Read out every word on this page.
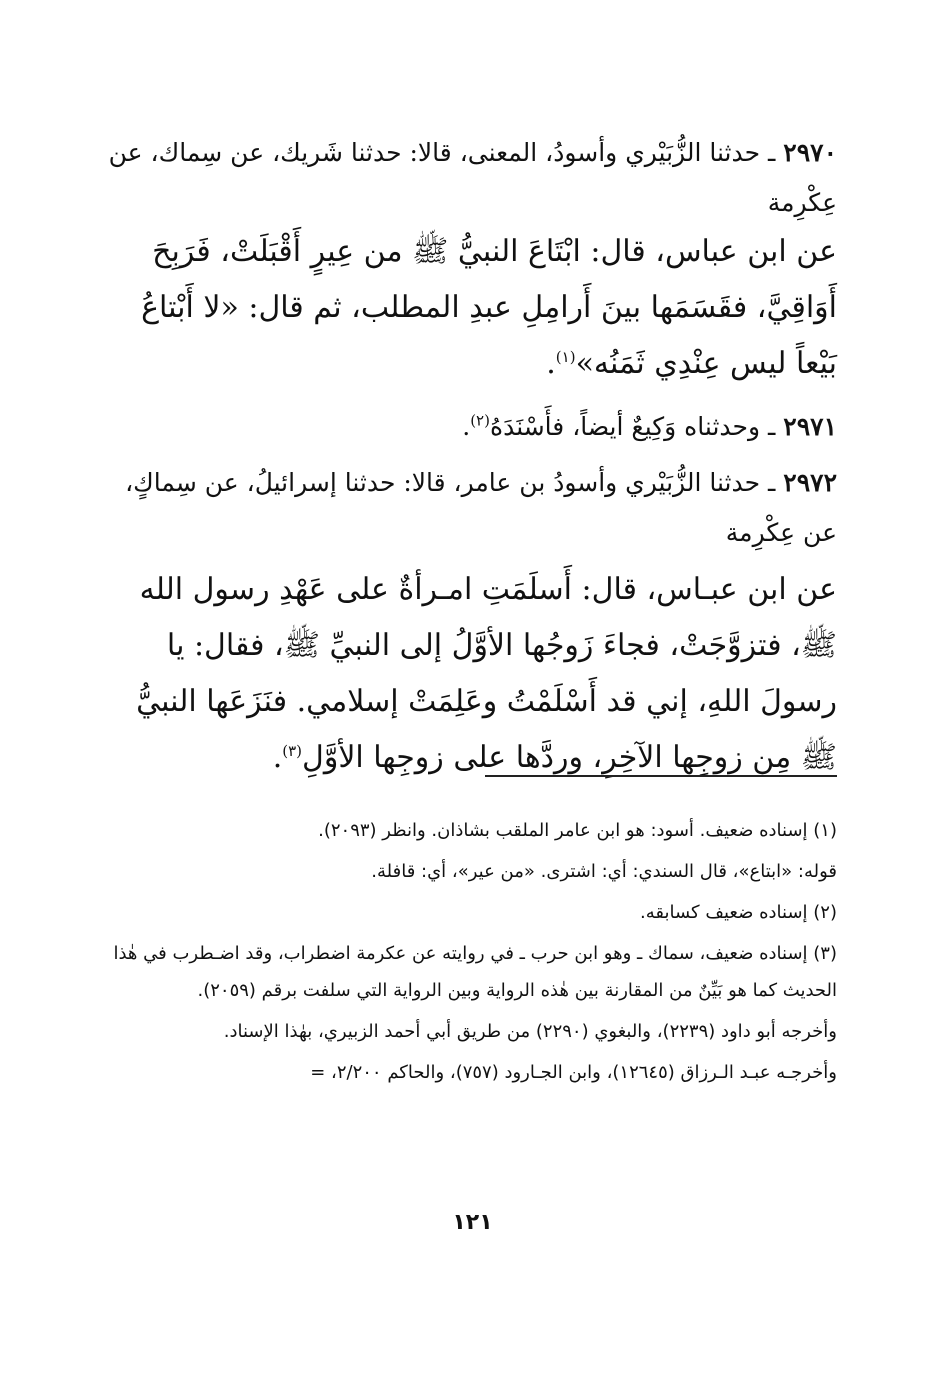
٢٩٧٠ ـ حدثنا الزُّبَيْري وأسودُ، المعنى، قالا: حدثنا شَريك، عن سِماك، عن عِكْرِمة
عن ابن عباس، قال: ابْتَاعَ النبيُّ ﷺ من عِيرٍ أَقْبَلَتْ، فَرَبِحَ أَوَاقِيَّ، فقَسَمَها بينَ أَرامِلِ عبدِ المطلب، ثم قال: «لا أَبْتاعُ بَيْعاً ليس عِنْدِي ثَمَنُه»$^{(١)}$.
٢٩٧١ ـ وحدثناه وَكِيعٌ أيضاً، فأَسْنَدَهُ$^{(٢)}$.
٢٩٧٢ ـ حدثنا الزُّبَيْري وأسودُ بن عامر، قالا: حدثنا إسرائيلُ، عن سِماكٍ، عن عِكْرِمة
عن ابن عبـاس، قال: أَسلَمَتِ امـرأةٌ على عَهْدِ رسول الله ﷺ، فتزوَّجَتْ، فجاءَ زَوجُها الأوَّلُ إلى النبيِّ ﷺ، فقال: يا رسولَ اللهِ، إني قد أَسْلَمْتُ وعَلِمَتْ إسلامي. فنَزَعَها النبيُّ ﷺ مِن زوجِها الآخِرِ، وردَّها على زوجِها الأوَّلِ$^{(٣)}$.

(١) إسناده ضعيف. أسود: هو ابن عامر الملقب بشاذان. وانظر (٢٠٩٣).

قوله: «ابتاع»، قال السندي: أي: اشترى. «من عير»، أي: قافلة.

(٢) إسناده ضعيف كسابقه.

(٣) إسناده ضعيف، سماك ـ وهو ابن حرب ـ في روايته عن عكرمة اضطراب، وقد اضـطرب في هٰذا الحديث كما هو بَيِّنٌ من المقارنة بين هٰذه الرواية وبين الرواية التي سلفت برقم (٢٠٥٩).

وأخرجه أبو داود (٢٢٣٩)، والبغوي (٢٢٩٠) من طريق أبي أحمد الزبيري، بهٰذا الإسناد.

وأخرجـه عبـد الـرزاق (١٢٦٤٥)، وابن الجـارود (٧٥٧)، والحاكم ٢/٢٠٠، =

١٢١
